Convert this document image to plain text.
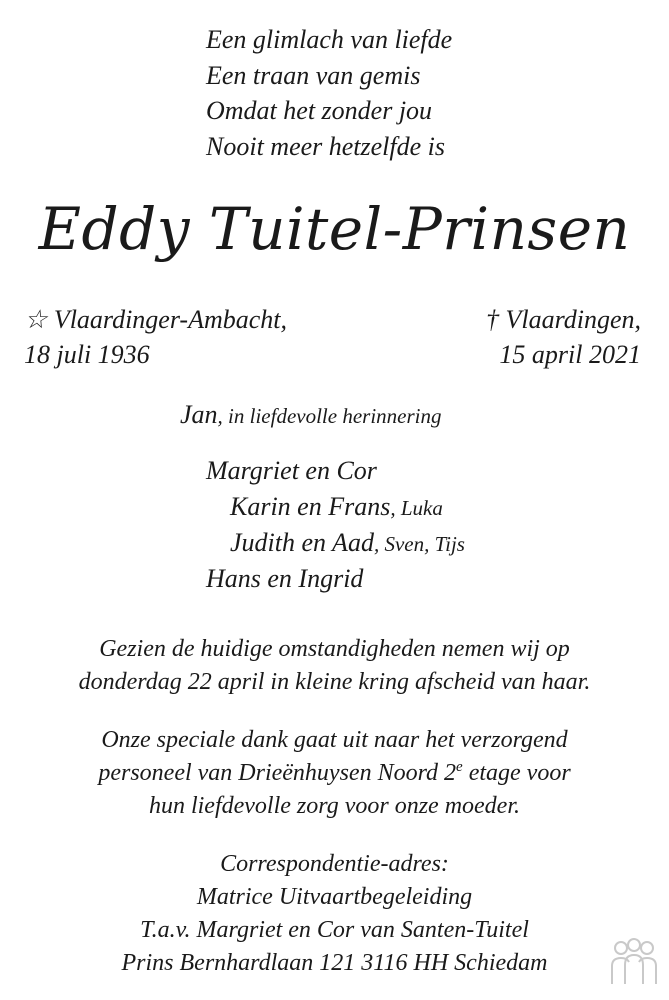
Een glimlach van liefde
Een traan van gemis
Omdat het zonder jou
Nooit meer hetzelfde is
Eddy Tuitel-Prinsen
☆ Vlaardinger-Ambacht,
18 juli 1936
† Vlaardingen,
15 april 2021
Jan, in liefdevolle herinnering
Margriet en Cor
Karin en Frans, Luka
Judith en Aad, Sven, Tijs
Hans en Ingrid
Gezien de huidige omstandigheden nemen wij op
donderdag 22 april in kleine kring afscheid van haar.
Onze speciale dank gaat uit naar het verzorgend
personeel van Drieënhuysen Noord 2e etage voor
hun liefdevolle zorg voor onze moeder.
Correspondentie-adres:
Matrice Uitvaartbegeleiding
T.a.v. Margriet en Cor van Santen-Tuitel
Prins Bernhardlaan 121 3116 HH Schiedam
